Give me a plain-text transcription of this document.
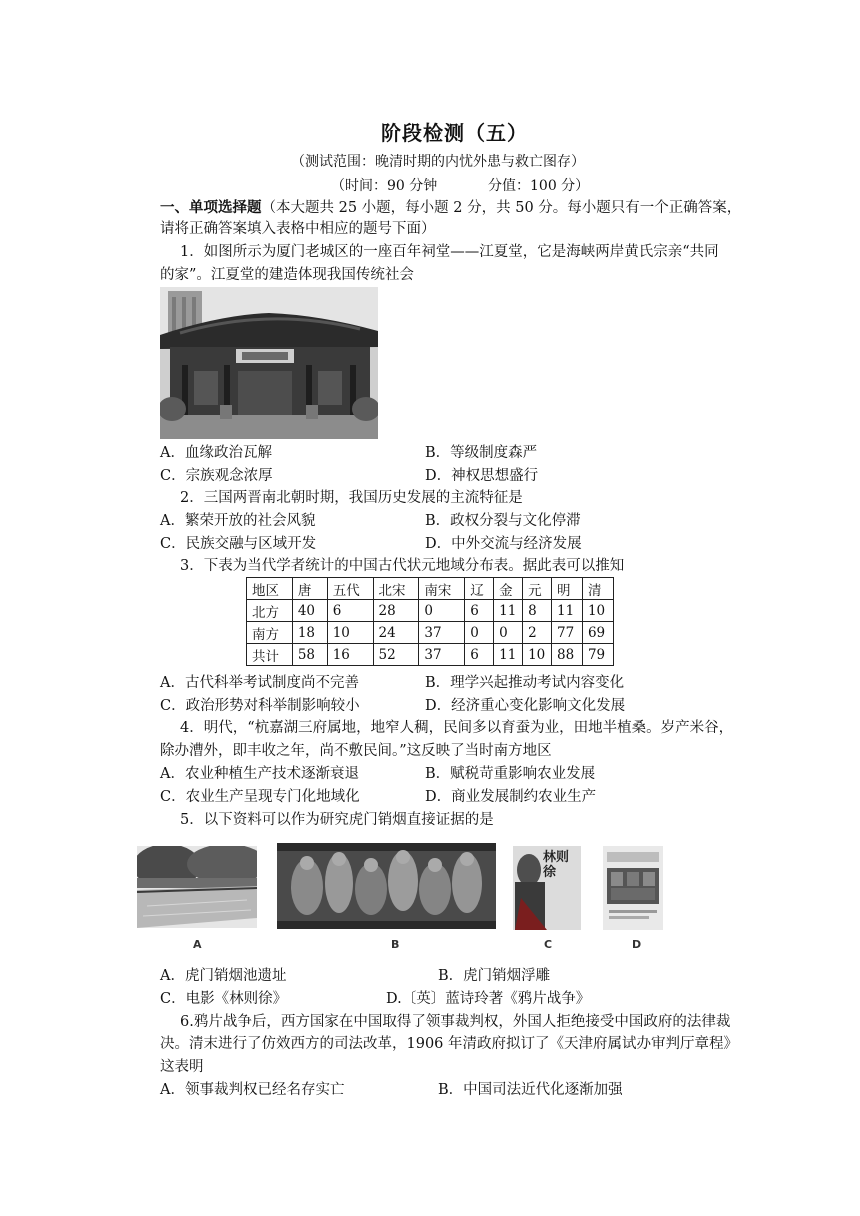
阶段检测（五）
（测试范围：晚清时期的内忧外患与救亡图存）
（时间：90 分钟	分值：100 分）
一、单项选择题（本大题共 25 小题，每小题 2 分，共 50 分。每小题只有一个正确答案，
请将正确答案填入表格中相应的题号下面）
1．如图所示为厦门老城区的一座百年祠堂——江夏堂，它是海峡两岸黄氏宗亲“共同
的家”。江夏堂的建造体现我国传统社会
A．血缘政治瓦解	B．等级制度森严
C．宗族观念浓厚	D．神权思想盛行
2．三国两晋南北朝时期，我国历史发展的主流特征是
A．繁荣开放的社会风貌	B．政权分裂与文化停滞
C．民族交融与区域开发	D．中外交流与经济发展
3．下表为当代学者统计的中国古代状元地域分布表。据此表可以推知
地区	唐	五代	北宋	南宋	辽	金	元	明	清
北方	40	6	28	0	6	11	8	11	10
南方	18	10	24	37	0	0	2	77	69
共计	58	16	52	37	6	11	10	88	79
A．古代科举考试制度尚不完善	B．理学兴起推动考试内容变化
C．政治形势对科举制影响较小	D．经济重心变化影响文化发展
4．明代，“杭嘉湖三府属地，地窄人稠，民间多以育蚕为业，田地半植桑。岁产米谷，
除办漕外，即丰收之年，尚不敷民间。”这反映了当时南方地区
A．农业种植生产技术逐渐衰退	B．赋税苛重影响农业发展
C．农业生产呈现专门化地域化	D．商业发展制约农业生产
5．以下资料可以作为研究虎门销烟直接证据的是
A	B
林则徐
C	D
A．虎门销烟池遗址	B．虎门销烟浮雕
C．电影《林则徐》	D.〔英〕蓝诗玲著《鸦片战争》
6.鸦片战争后，西方国家在中国取得了领事裁判权，外国人拒绝接受中国政府的法律裁
决。清末进行了仿效西方的司法改革，1906 年清政府拟订了《天津府属试办审判厅章程》
这表明
A．领事裁判权已经名存实亡	B．中国司法近代化逐渐加强
